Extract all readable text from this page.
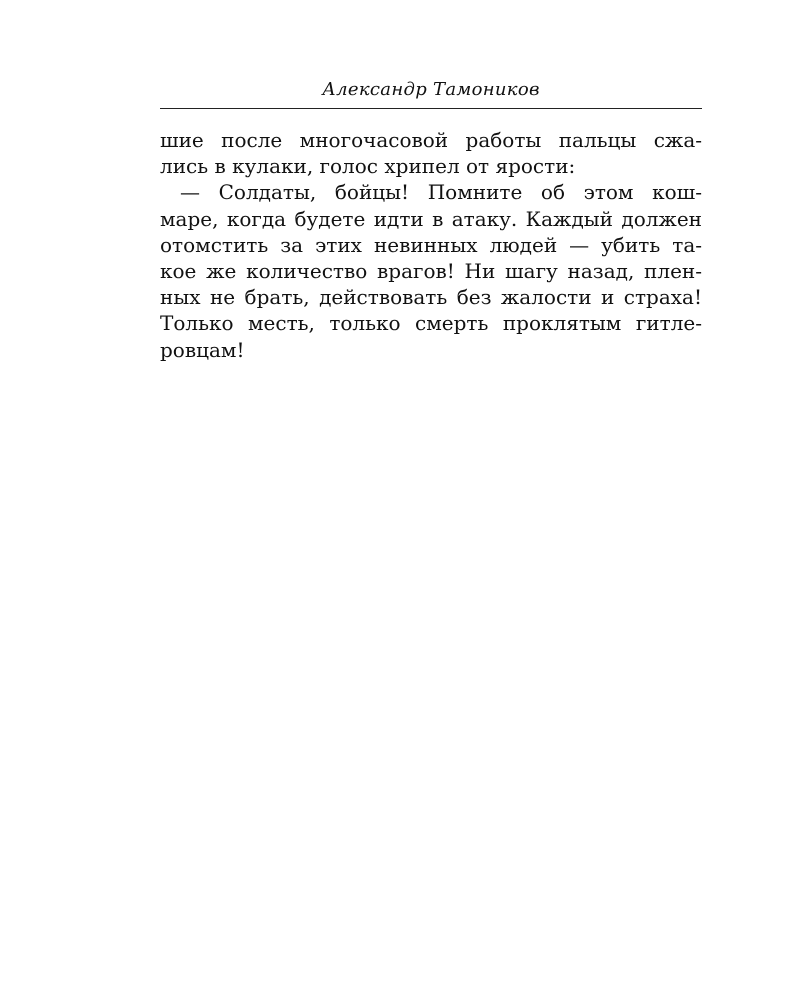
Александр Тамоников
шие после многочасовой работы пальцы сжа-
лись в кулаки, голос хрипел от ярости:
— Солдаты, бойцы! Помните об этом кош-
маре, когда будете идти в атаку. Каждый должен
отомстить за этих невинных людей — убить та-
кое же количество врагов! Ни шагу назад, плен-
ных не брать, действовать без жалости и страха!
Только месть, только смерть проклятым гитле-
ровцам!
